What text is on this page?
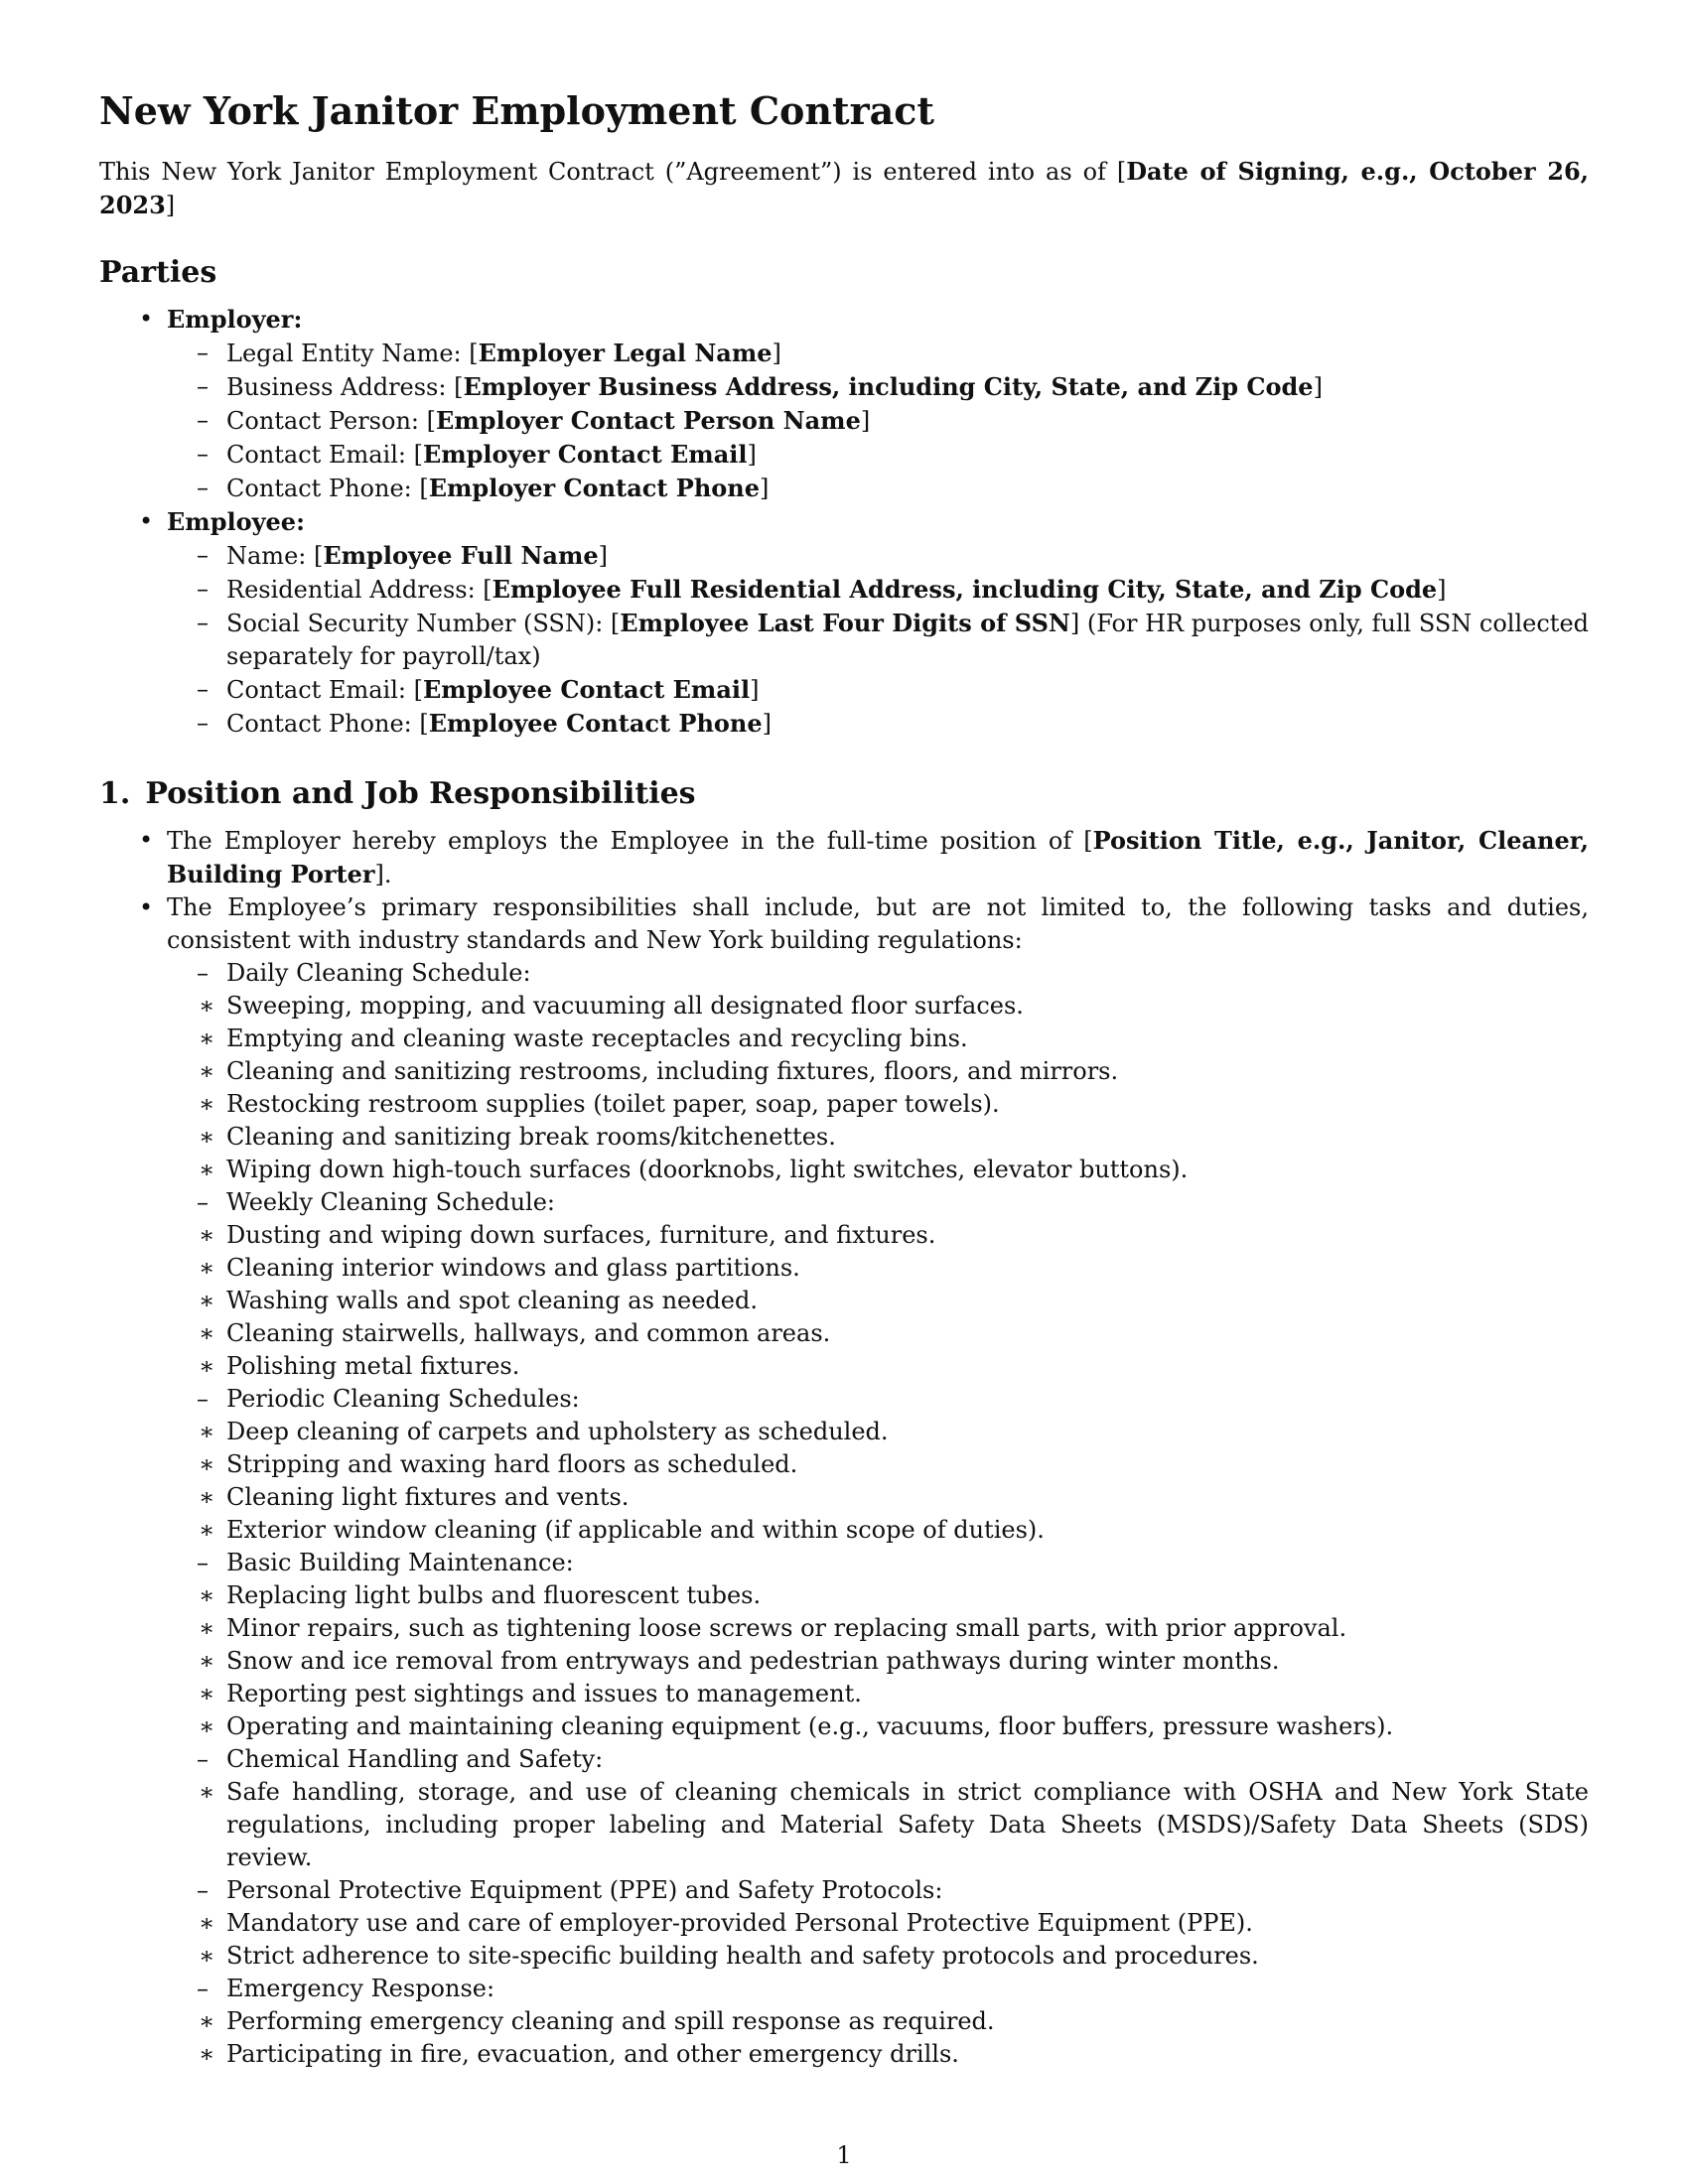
New York Janitor Employment Contract

This New York Janitor Employment Contract (”Agreement”) is entered into as of [Date of Signing, e.g., October 26, 2023]

Parties
• Employer:
– Legal Entity Name: [Employer Legal Name]
– Business Address: [Employer Business Address, including City, State, and Zip Code]
– Contact Person: [Employer Contact Person Name]
– Contact Email: [Employer Contact Email]
– Contact Phone: [Employer Contact Phone]
• Employee:
– Name: [Employee Full Name]
– Residential Address: [Employee Full Residential Address, including City, State, and Zip Code]
– Social Security Number (SSN): [Employee Last Four Digits of SSN] (For HR purposes only, full SSN collected separately for payroll/tax)
– Contact Email: [Employee Contact Email]
– Contact Phone: [Employee Contact Phone]
1. Position and Job Responsibilities
• The Employer hereby employs the Employee in the full-time position of [Position Title, e.g., Janitor, Cleaner, Building Porter].
• The Employee’s primary responsibilities shall include, but are not limited to, the following tasks and duties, consistent with industry standards and New York building regulations:
– Daily Cleaning Schedule:
∗ Sweeping, mopping, and vacuuming all designated floor surfaces.
∗ Emptying and cleaning waste receptacles and recycling bins.
∗ Cleaning and sanitizing restrooms, including fixtures, floors, and mirrors.
∗ Restocking restroom supplies (toilet paper, soap, paper towels).
∗ Cleaning and sanitizing break rooms/kitchenettes.
∗ Wiping down high-touch surfaces (doorknobs, light switches, elevator buttons).
– Weekly Cleaning Schedule:
∗ Dusting and wiping down surfaces, furniture, and fixtures.
∗ Cleaning interior windows and glass partitions.
∗ Washing walls and spot cleaning as needed.
∗ Cleaning stairwells, hallways, and common areas.
∗ Polishing metal fixtures.
– Periodic Cleaning Schedules:
∗ Deep cleaning of carpets and upholstery as scheduled.
∗ Stripping and waxing hard floors as scheduled.
∗ Cleaning light fixtures and vents.
∗ Exterior window cleaning (if applicable and within scope of duties).
– Basic Building Maintenance:
∗ Replacing light bulbs and fluorescent tubes.
∗ Minor repairs, such as tightening loose screws or replacing small parts, with prior approval.
∗ Snow and ice removal from entryways and pedestrian pathways during winter months.
∗ Reporting pest sightings and issues to management.
∗ Operating and maintaining cleaning equipment (e.g., vacuums, floor buffers, pressure washers).
– Chemical Handling and Safety:
∗ Safe handling, storage, and use of cleaning chemicals in strict compliance with OSHA and New York State regulations, including proper labeling and Material Safety Data Sheets (MSDS)/Safety Data Sheets (SDS) review.
– Personal Protective Equipment (PPE) and Safety Protocols:
∗ Mandatory use and care of employer-provided Personal Protective Equipment (PPE).
∗ Strict adherence to site-specific building health and safety protocols and procedures.
– Emergency Response:
∗ Performing emergency cleaning and spill response as required.
∗ Participating in fire, evacuation, and other emergency drills.
1
